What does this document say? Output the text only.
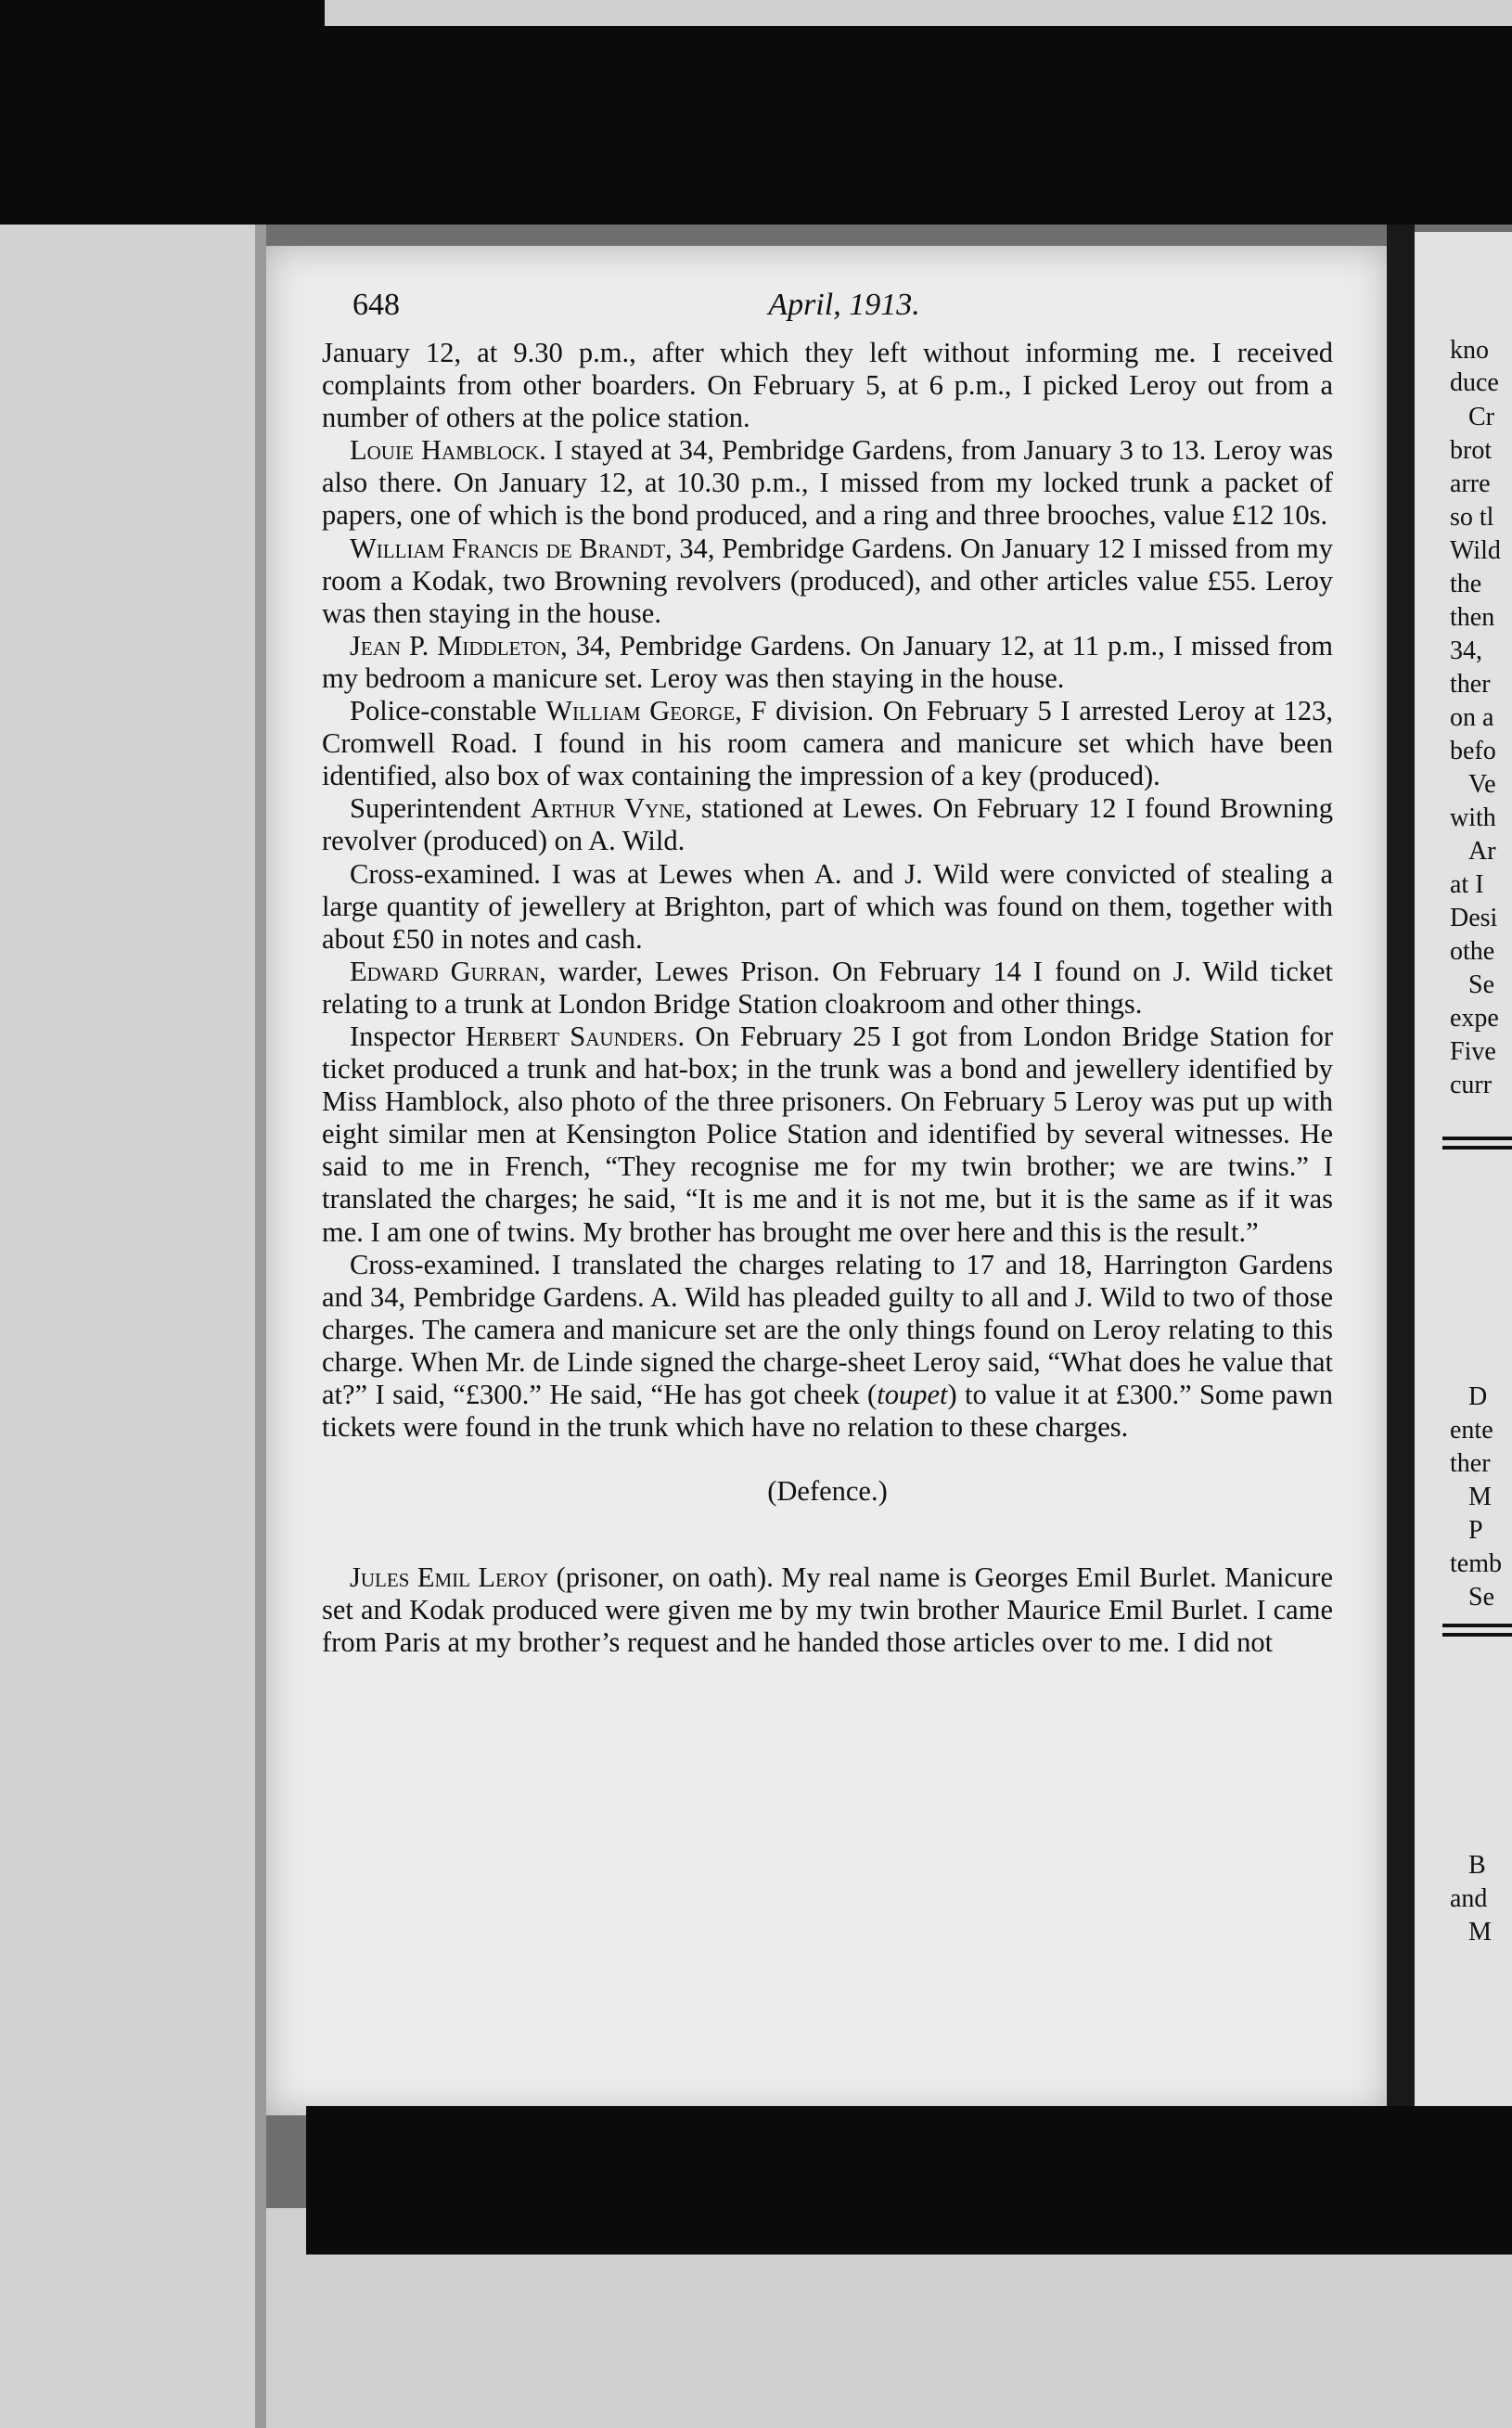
648	April, 1913.

January 12, at 9.30 p.m., after which they left without informing me. I received complaints from other boarders. On February 5, at 6 p.m., I picked Leroy out from a number of others at the police station.

Louie Hamblock. I stayed at 34, Pembridge Gardens, from January 3 to 13. Leroy was also there. On January 12, at 10.30 p.m., I missed from my locked trunk a packet of papers, one of which is the bond produced, and a ring and three brooches, value £12 10s.

William Francis de Brandt, 34, Pembridge Gardens. On January 12 I missed from my room a Kodak, two Browning revolvers (produced), and other articles value £55. Leroy was then staying in the house.

Jean P. Middleton, 34, Pembridge Gardens. On January 12, at 11 p.m., I missed from my bedroom a manicure set. Leroy was then staying in the house.

Police-constable William George, F division. On February 5 I arrested Leroy at 123, Cromwell Road. I found in his room camera and manicure set which have been identified, also box of wax containing the impression of a key (produced).

Superintendent Arthur Vyne, stationed at Lewes. On February 12 I found Browning revolver (produced) on A. Wild.

Cross-examined. I was at Lewes when A. and J. Wild were convicted of stealing a large quantity of jewellery at Brighton, part of which was found on them, together with about £50 in notes and cash.

Edward Gurran, warder, Lewes Prison. On February 14 I found on J. Wild ticket relating to a trunk at London Bridge Station cloakroom and other things.

Inspector Herbert Saunders. On February 25 I got from London Bridge Station for ticket produced a trunk and hat-box; in the trunk was a bond and jewellery identified by Miss Hamblock, also photo of the three prisoners. On February 5 Leroy was put up with eight similar men at Kensington Police Station and identified by several witnesses. He said to me in French, “They recognise me for my twin brother; we are twins.” I translated the charges; he said, “It is me and it is not me, but it is the same as if it was me. I am one of twins. My brother has brought me over here and this is the result.”

Cross-examined. I translated the charges relating to 17 and 18, Harrington Gardens and 34, Pembridge Gardens. A. Wild has pleaded guilty to all and J. Wild to two of those charges. The camera and manicure set are the only things found on Leroy relating to this charge. When Mr. de Linde signed the charge-sheet Leroy said, “What does he value that at?” I said, “£300.” He said, “He has got cheek (toupet) to value it at £300.” Some pawn tickets were found in the trunk which have no relation to these charges.

(Defence.)

Jules Emil Leroy (prisoner, on oath). My real name is Georges Emil Burlet. Manicure set and Kodak produced were given me by my twin brother Maurice Emil Burlet. I came from Paris at my brother’s request and he handed those articles over to me. I did not

kno
duce
Cr
brot
arre
so tl
Wild
the
then
34,
ther
on a
befo
Ve
with
Ar
at I
Desi
othe
Se
expe
Five
curr
D
ente
ther
M
P
temb
Se
B
and
M
